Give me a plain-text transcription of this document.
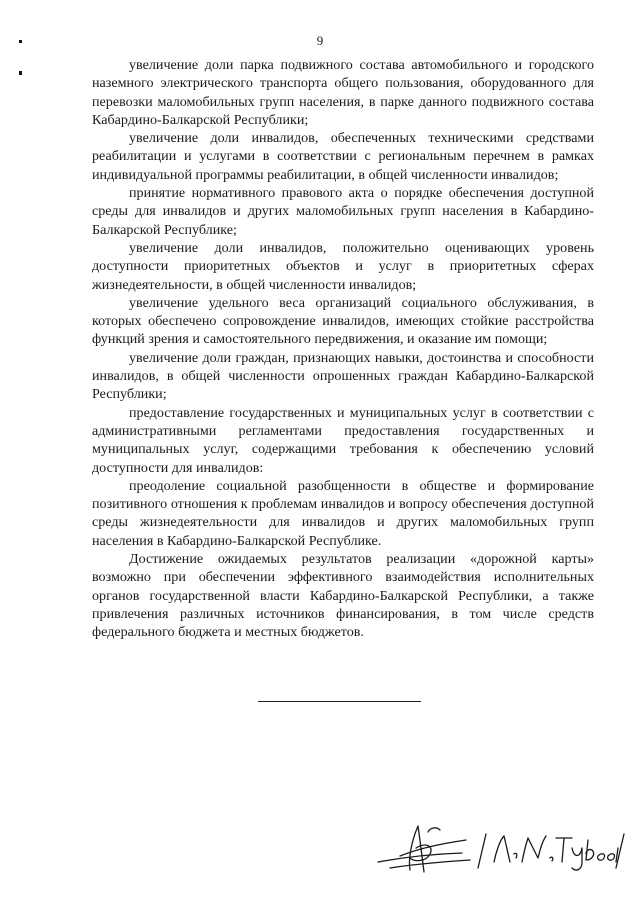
9

увеличение доли парка подвижного состава автомобильного и городского наземного электрического транспорта общего пользования, оборудованного для перевозки маломобильных групп населения, в парке данного подвижного состава Кабардино-Балкарской Республики;

увеличение доли инвалидов, обеспеченных техническими средствами реабилитации и услугами в соответствии с региональным перечнем в рамках индивидуальной программы реабилитации, в общей численности инвалидов;

принятие нормативного правового акта о порядке обеспечения доступной среды для инвалидов и других маломобильных групп населения в Кабардино-Балкарской Республике;

увеличение доли инвалидов, положительно оценивающих уровень доступности приоритетных объектов и услуг в приоритетных сферах жизнедеятельности, в общей численности инвалидов;

увеличение удельного веса организаций социального обслуживания, в которых обеспечено сопровождение инвалидов, имеющих стойкие расстройства функций зрения и самостоятельного передвижения, и оказание им помощи;

увеличение доли граждан, признающих навыки, достоинства и способности инвалидов, в общей численности опрошенных граждан Кабардино-Балкарской Республики;

предоставление государственных и муниципальных услуг в соответствии с административными регламентами предоставления государственных и муниципальных услуг, содержащими требования к обеспечению условий доступности для инвалидов:

преодоление социальной разобщенности в обществе и формирование позитивного отношения к проблемам инвалидов и вопросу обеспечения доступной среды жизнедеятельности для инвалидов и других маломобильных групп населения в Кабардино-Балкарской Республике.

Достижение ожидаемых результатов реализации «дорожной карты» возможно при обеспечении эффективного взаимодействия исполнительных органов государственной власти Кабардино-Балкарской Республики, а также привлечения различных источников финансирования, в том числе средств федерального бюджета и местных бюджетов.
